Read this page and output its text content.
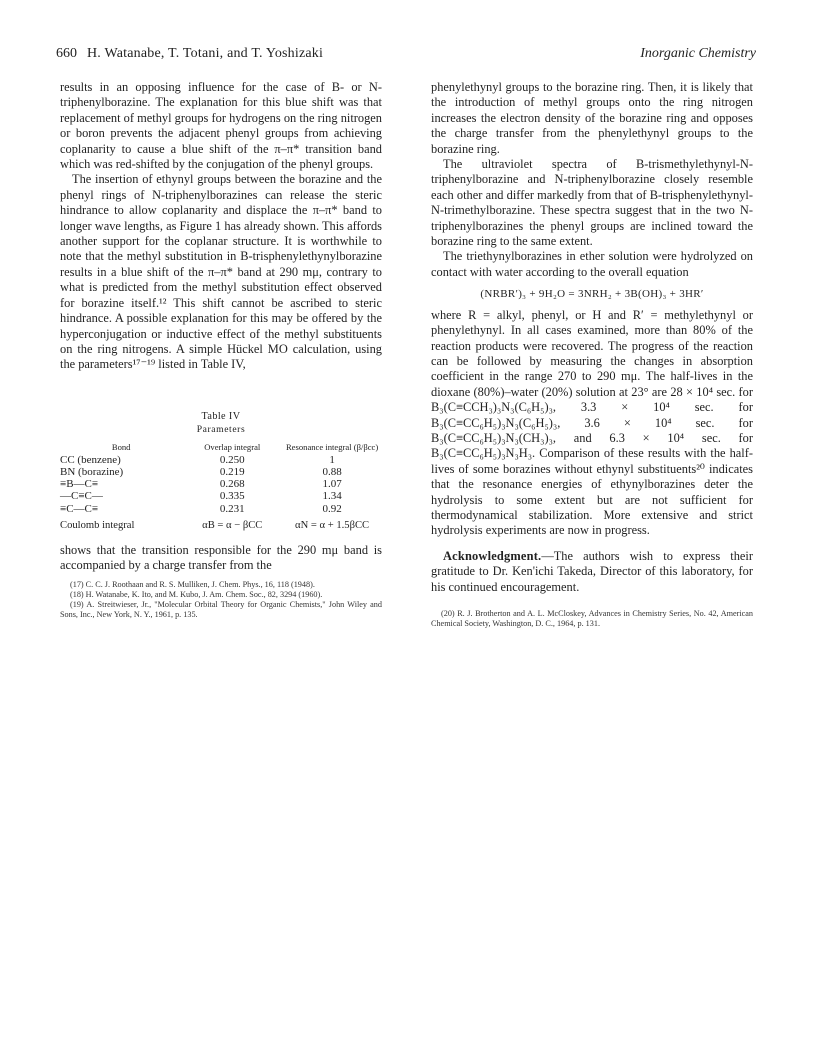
660 H. Watanabe, T. Totani, and T. Yoshizaki	Inorganic Chemistry

results in an opposing influence for the case of B- or N-triphenylborazine. The explanation for this blue shift was that replacement of methyl groups for hydrogens on the ring nitrogen or boron prevents the adjacent phenyl groups from achieving coplanarity to cause a blue shift of the π–π* transition band which was red-shifted by the conjugation of the phenyl groups.

The insertion of ethynyl groups between the borazine and the phenyl rings of N-triphenylborazines can release the steric hindrance to allow coplanarity and displace the π–π* band to longer wave lengths, as Figure 1 has already shown. This affords another support for the coplanar structure. It is worthwhile to note that the methyl substitution in B-trisphenylethynylborazine results in a blue shift of the π–π* band at 290 mμ, contrary to what is predicted from the methyl substitution effect observed for borazine itself.¹² This shift cannot be ascribed to steric hindrance. A possible explanation for this may be offered by the hyperconjugation or inductive effect of the methyl substituents on the ring nitrogens. A simple Hückel MO calculation, using the parameters¹⁷⁻¹⁹ listed in Table IV,

Table IV
Parameters
Bond	Overlap integral	Resonance integral (β/βcc)
CC (benzene)	0.250	1
BN (borazine)	0.219	0.88
≡B—C≡	0.268	1.07
—C≡C—	0.335	1.34
≡C—C≡	0.231	0.92
Coulomb integral	αB = α − βCC	αN = α + 1.5βCC

shows that the transition responsible for the 290 mμ band is accompanied by a charge transfer from the

(17) C. C. J. Roothaan and R. S. Mulliken, J. Chem. Phys., 16, 118 (1948).

(18) H. Watanabe, K. Ito, and M. Kubo, J. Am. Chem. Soc., 82, 3294 (1960).

(19) A. Streitwieser, Jr., "Molecular Orbital Theory for Organic Chemists," John Wiley and Sons, Inc., New York, N. Y., 1961, p. 135.

phenylethynyl groups to the borazine ring. Then, it is likely that the introduction of methyl groups onto the ring nitrogen increases the electron density of the borazine ring and opposes the charge transfer from the phenylethynyl groups to the borazine ring.

The ultraviolet spectra of B-trismethylethynyl-N-triphenylborazine and N-triphenylborazine closely resemble each other and differ markedly from that of B-trisphenylethynyl-N-trimethylborazine. These spectra suggest that in the two N-triphenylborazines the phenyl groups are inclined toward the borazine ring to the same extent.

The triethynylborazines in ether solution were hydrolyzed on contact with water according to the overall equation

(NRBR′)₃ + 9H₂O = 3NRH₂ + 3B(OH)₃ + 3HR′

where R = alkyl, phenyl, or H and R′ = methylethynyl or phenylethynyl. In all cases examined, more than 80% of the reaction products were recovered. The progress of the reaction can be followed by measuring the changes in absorption coefficient in the range 270 to 290 mμ. The half-lives in the dioxane (80%)–water (20%) solution at 23° are 28 × 10⁴ sec. for B₃(C≡CCH₃)₃N₃(C₆H₅)₃, 3.3 × 10⁴ sec. for B₃(C≡CC₆H₅)₃N₃(C₆H₅)₃, 3.6 × 10⁴ sec. for B₃(C≡CC₆H₅)₃N₃(CH₃)₃, and 6.3 × 10⁴ sec. for B₃(C≡CC₆H₅)₃N₃H₃. Comparison of these results with the half-lives of some borazines without ethynyl substituents²⁰ indicates that the resonance energies of ethynylborazines deter the hydrolysis to some extent but are not sufficient for thermodynamical stabilization. More extensive and strict hydrolysis experiments are now in progress.

Acknowledgment.—The authors wish to express their gratitude to Dr. Ken'ichi Takeda, Director of this laboratory, for his continued encouragement.

(20) R. J. Brotherton and A. L. McCloskey, Advances in Chemistry Series, No. 42, American Chemical Society, Washington, D. C., 1964, p. 131.
